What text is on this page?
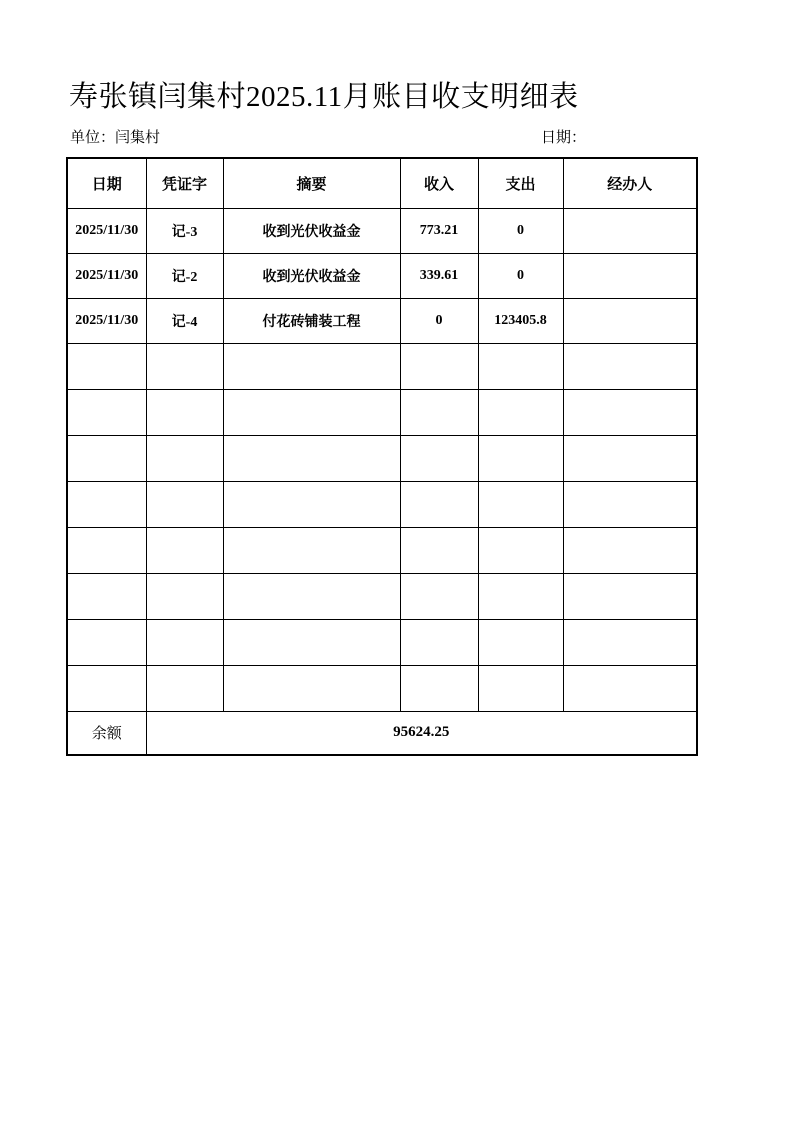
寿张镇闫集村2025.11月账目收支明细表
单位：闫集村	日期：
日期	凭证字	摘要	收入	支出	经办人
2025/11/30	记-3	收到光伏收益金	773.21	0	
2025/11/30	记-2	收到光伏收益金	339.61	0	
2025/11/30	记-4	付花砖铺装工程	0	123405.8	

余额	95624.25				
